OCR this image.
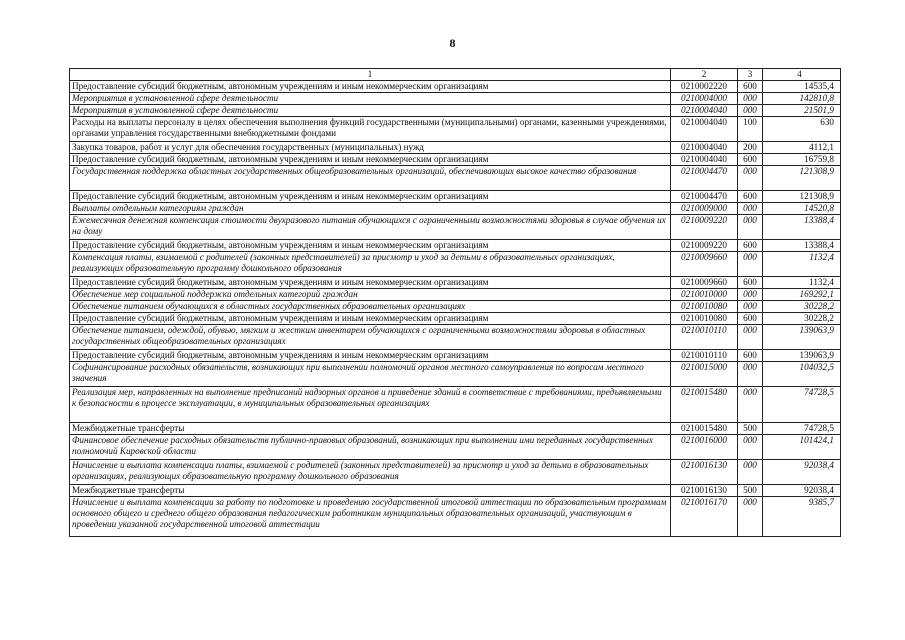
8
1	2	3	4
Предоставление субсидий бюджетным, автономным учреждениям и иным некоммерческим организациям	0210002220	600	14535,4
Мероприятия в установленной сфере деятельности	0210004000	000	142810,8
Мероприятия в установленной сфере деятельности	0210004040	000	21501,9
Расходы на выплаты персоналу в целях обеспечения выполнения функций государственными (муниципальными) органами, казенными учреждениями, органами управления государственными внебюджетными фондами	0210004040	100	630
Закупка товаров, работ и услуг для обеспечения государственных (муниципальных) нужд	0210004040	200	4112,1
Предоставление субсидий бюджетным, автономным учреждениям и иным некоммерческим организациям	0210004040	600	16759,8
Государственная поддержка областных государственных общеобразовательных организаций, обеспечивающих высокое качество образования	0210004470	000	121308,9
Предоставление субсидий бюджетным, автономным учреждениям и иным некоммерческим организациям	0210004470	600	121308,9
Выплаты отдельным категориям граждан	0210009000	000	14520,8
Ежемесячная денежная компенсация стоимости двухразового питания обучающихся с ограниченными возможностями здоровья в случае обучения их на дому	0210009220	000	13388,4
Предоставление субсидий бюджетным, автономным учреждениям и иным некоммерческим организациям	0210009220	600	13388,4
Компенсация платы, взимаемой с родителей (законных представителей) за присмотр и уход за детьми в образовательных организациях, реализующих образовательную программу дошкольного образования	0210009660	000	1132,4
Предоставление субсидий бюджетным, автономным учреждениям и иным некоммерческим организациям	0210009660	600	1132,4
Обеспечение мер социальной поддержки отдельных категорий граждан	0210010000	000	169292,1
Обеспечение питанием обучающихся в областных государственных образовательных организациях	0210010080	000	30228,2
Предоставление субсидий бюджетным, автономным учреждениям и иным некоммерческим организациям	0210010080	600	30228,2
Обеспечение питанием, одеждой, обувью, мягким и жестким инвентарем обучающихся с ограниченными возможностями здоровья в областных государственных общеобразовательных организациях	0210010110	000	139063,9
Предоставление субсидий бюджетным, автономным учреждениям и иным некоммерческим организациям	0210010110	600	139063,9
Софинансирование расходных обязательств, возникающих при выполнении полномочий органов местного самоуправления по вопросам местного значения	0210015000	000	104032,5
Реализация мер, направленных на выполнение предписаний надзорных органов и приведение зданий в соответствие с требованиями, предъявляемыми к безопасности в процессе эксплуатации, в муниципальных образовательных организациях	0210015480	000	74728,5
Межбюджетные трансферты	0210015480	500	74728,5
Финансовое обеспечение расходных обязательств публично-правовых образований, возникающих при выполнении ими переданных государственных полномочий Кировской области	0210016000	000	101424,1
Начисление и выплата компенсации платы, взимаемой с родителей (законных представителей) за присмотр и уход за детьми в образовательных организациях, реализующих образовательную программу дошкольного образования	0210016130	000	92038,4
Межбюджетные трансферты	0210016130	500	92038,4
Начисление и выплата компенсации за работу по подготовке и проведению государственной итоговой аттестации по образовательным программам основного общего и среднего общего образования педагогическим работникам муниципальных образовательных организаций, участвующим в проведении указанной государственной итоговой аттестации	0210016170	000	9385,7
